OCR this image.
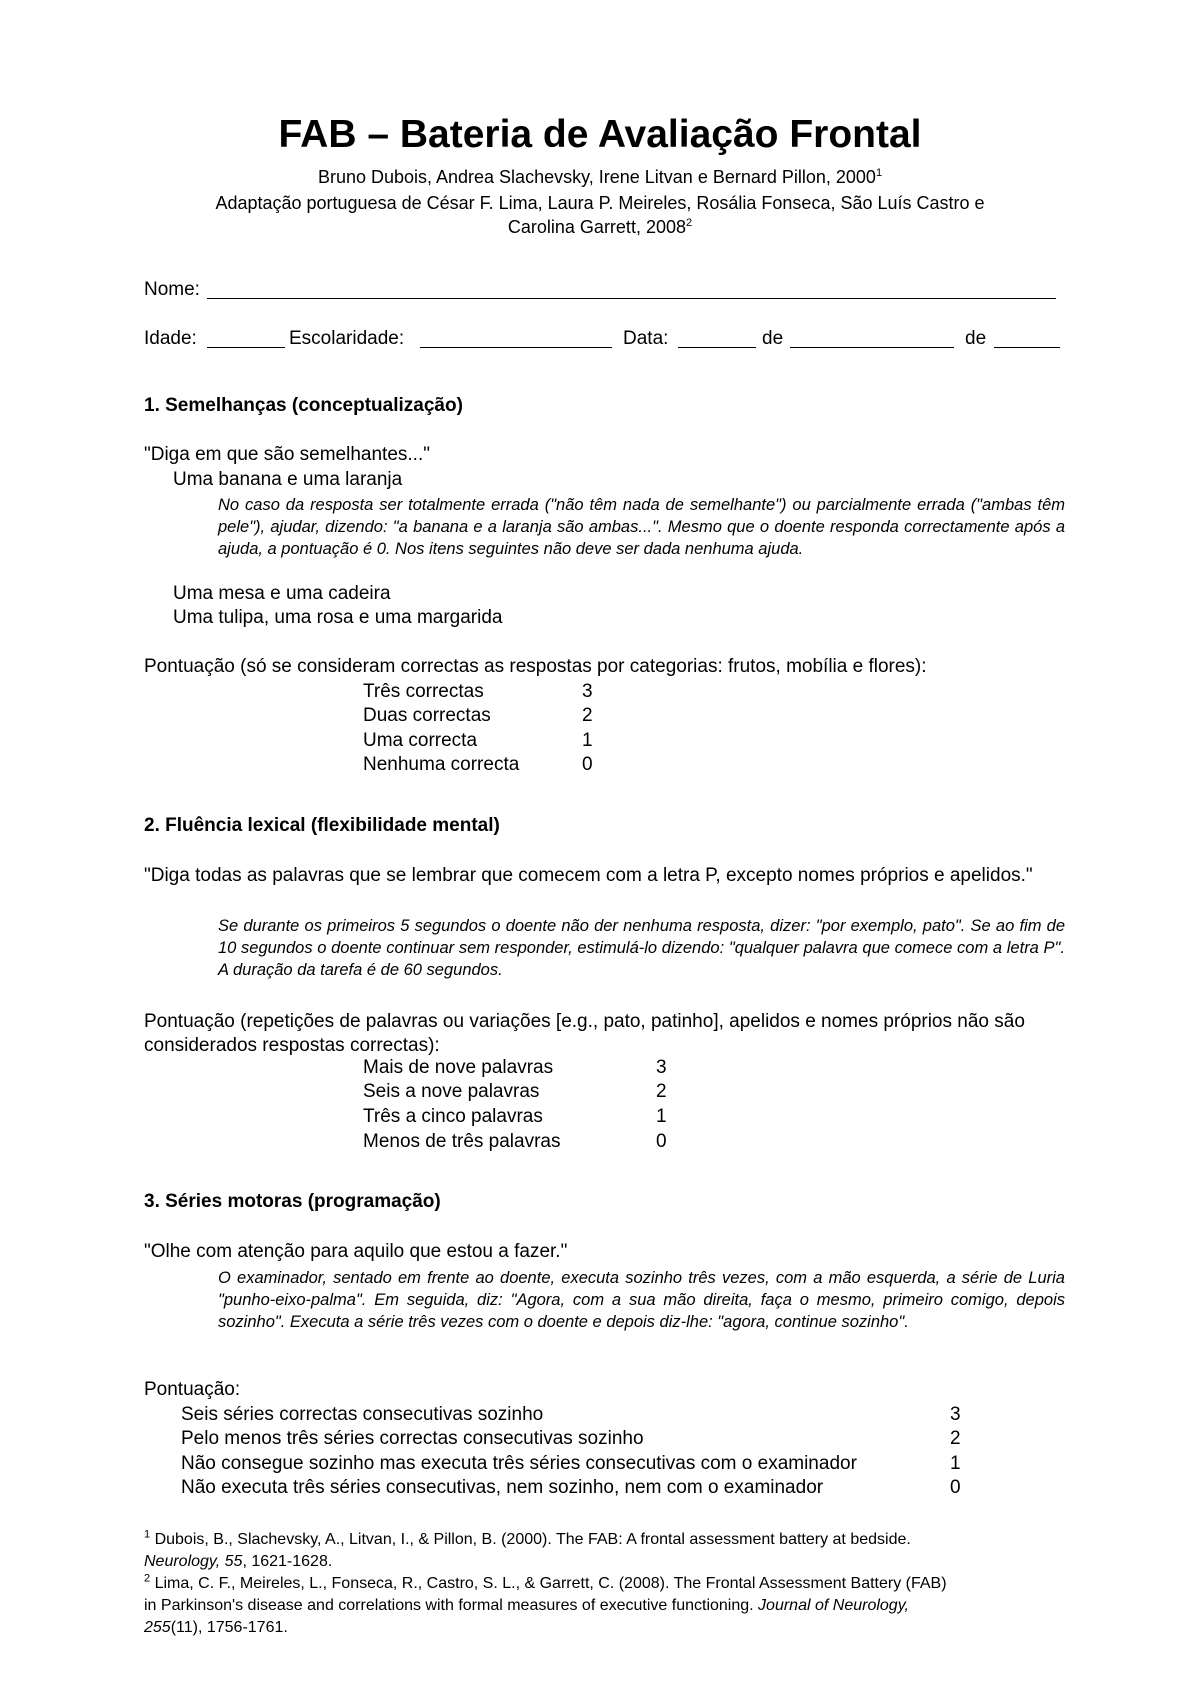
FAB – Bateria de Avaliação Frontal
Bruno Dubois, Andrea Slachevsky, Irene Litvan e Bernard Pillon, 2000$^1$
Adaptação portuguesa de César F. Lima, Laura P. Meireles, Rosália Fonseca, São Luís Castro e
Carolina Garrett, 2008$^2$
Nome:
Idade:	Escolaridade:	Data:	de	de
1. Semelhanças (conceptualização)
"Diga em que são semelhantes..."
Uma banana e uma laranja
No caso da resposta ser totalmente errada ("não têm nada de semelhante") ou parcialmente errada ("ambas têm pele"), ajudar, dizendo: "a banana e a laranja são ambas...". Mesmo que o doente responda correctamente após a ajuda, a pontuação é 0. Nos itens seguintes não deve ser dada nenhuma ajuda.
Uma mesa e uma cadeira
Uma tulipa, uma rosa e uma margarida
Pontuação (só se consideram correctas as respostas por categorias: frutos, mobília e flores):
Três correctas	3
Duas correctas	2
Uma correcta	1
Nenhuma correcta	0
2. Fluência lexical (flexibilidade mental)
"Diga todas as palavras que se lembrar que comecem com a letra P, excepto nomes próprios e apelidos."
Se durante os primeiros 5 segundos o doente não der nenhuma resposta, dizer: "por exemplo, pato". Se ao fim de 10 segundos o doente continuar sem responder, estimulá-lo dizendo: "qualquer palavra que comece com a letra P". A duração da tarefa é de 60 segundos.
Pontuação (repetições de palavras ou variações [e.g., pato, patinho], apelidos e nomes próprios não são considerados respostas correctas):
Mais de nove palavras	3
Seis a nove palavras	2
Três a cinco palavras	1
Menos de três palavras	0
3. Séries motoras (programação)
"Olhe com atenção para aquilo que estou a fazer."
O examinador, sentado em frente ao doente, executa sozinho três vezes, com a mão esquerda, a série de Luria "punho-eixo-palma". Em seguida, diz: "Agora, com a sua mão direita, faça o mesmo, primeiro comigo, depois sozinho". Executa a série três vezes com o doente e depois diz-lhe: "agora, continue sozinho".
Pontuação:
Seis séries correctas consecutivas sozinho	3
Pelo menos três séries correctas consecutivas sozinho	2
Não consegue sozinho mas executa três séries consecutivas com o examinador	1
Não executa três séries consecutivas, nem sozinho, nem com o examinador	0
$^1$ Dubois, B., Slachevsky, A., Litvan, I., & Pillon, B. (2000). The FAB: A frontal assessment battery at bedside.
Neurology, 55, 1621-1628.
$^2$ Lima, C. F., Meireles, L., Fonseca, R., Castro, S. L., & Garrett, C. (2008). The Frontal Assessment Battery (FAB)
in Parkinson's disease and correlations with formal measures of executive functioning. Journal of Neurology,
255(11), 1756-1761.
